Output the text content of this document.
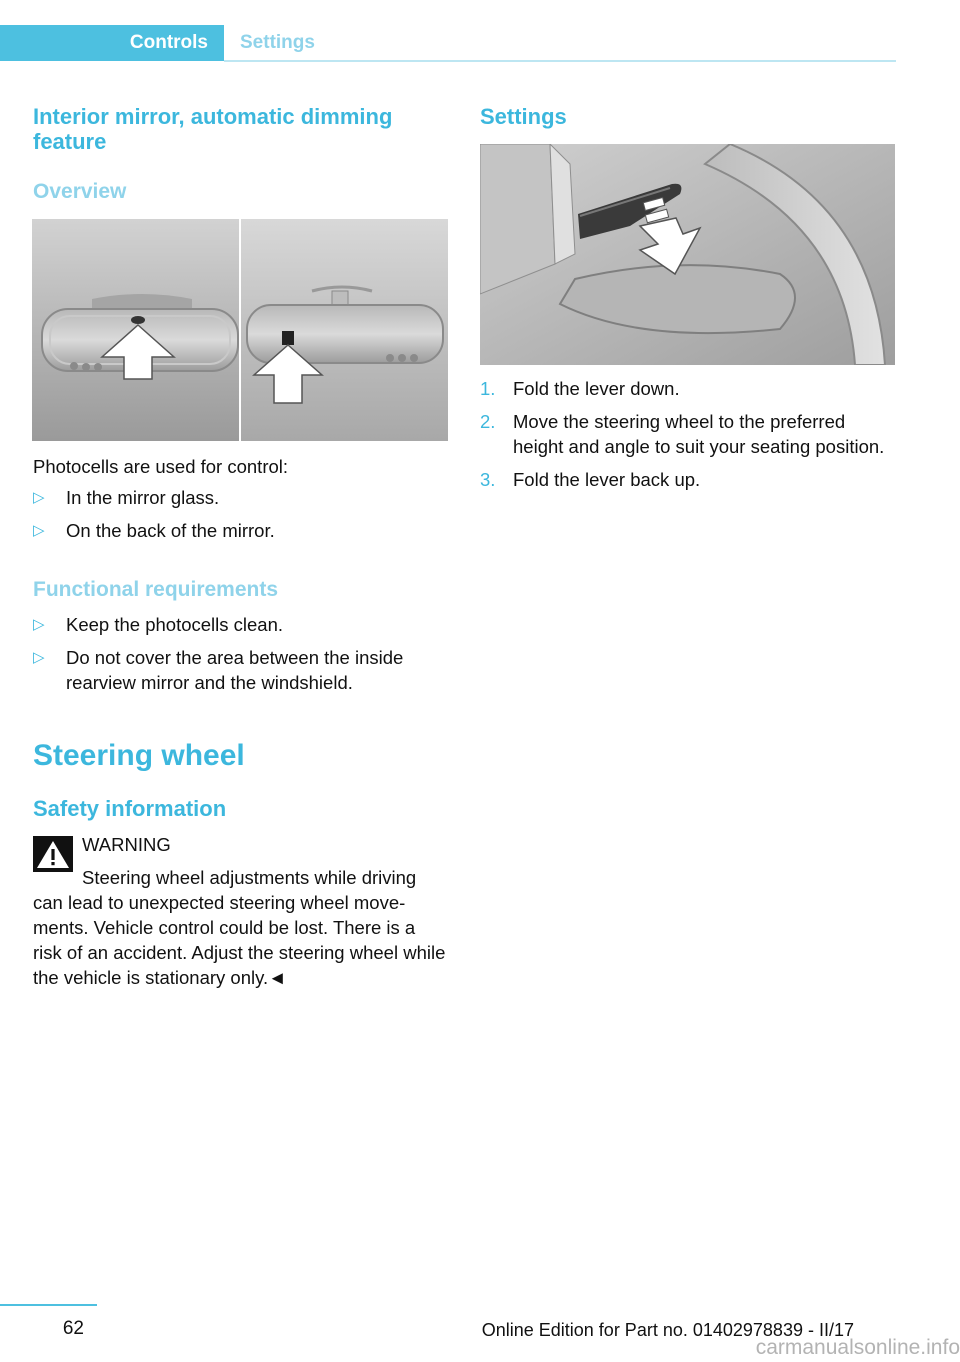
Controls Settings
Interior mirror, automatic dimming feature
Overview
Photocells are used for control:
▷ In the mirror glass.
▷ On the back of the mirror.
Functional requirements
▷ Keep the photocells clean.
▷ Do not cover the area between the inside rearview mirror and the windshield.
Steering wheel
Safety information
WARNING
Steering wheel adjustments while driving can lead to unexpected steering wheel movements. Vehicle control could be lost. There is a risk of an accident. Adjust the steering wheel while the vehicle is stationary only.◄
Settings
1. Fold the lever down.
2. Move the steering wheel to the preferred height and angle to suit your seating position.
3. Fold the lever back up.
62	Online Edition for Part no. 01402978839 - II/17
carmanualsonline.info
